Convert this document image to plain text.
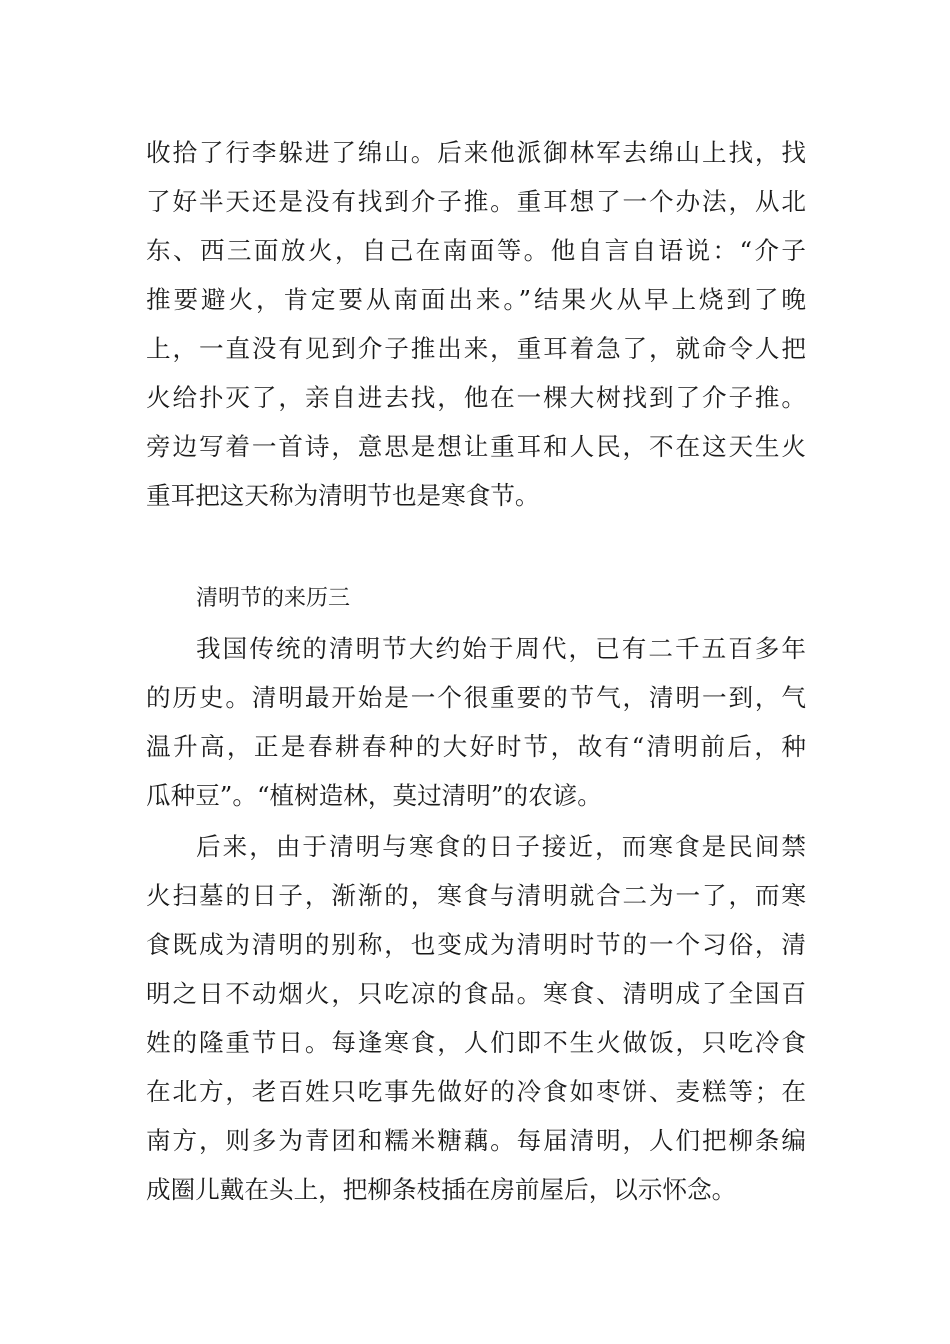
收拾了行李躲进了绵山。后来他派御林军去绵山上找，找
了好半天还是没有找到介子推。重耳想了一个办法，从北
东、西三面放火，自己在南面等。他自言自语说：“介子
推要避火，肯定要从南面出来。”结果火从早上烧到了晚
上，一直没有见到介子推出来，重耳着急了，就命令人把
火给扑灭了，亲自进去找，他在一棵大树找到了介子推。
旁边写着一首诗，意思是想让重耳和人民，不在这天生火
重耳把这天称为清明节也是寒食节。
清明节的来历三
我国传统的清明节大约始于周代，已有二千五百多年
的历史。清明最开始是一个很重要的节气，清明一到，气
温升高，正是春耕春种的大好时节，故有“清明前后，种
瓜种豆”。“植树造林，莫过清明”的农谚。
后来，由于清明与寒食的日子接近，而寒食是民间禁
火扫墓的日子，渐渐的，寒食与清明就合二为一了，而寒
食既成为清明的别称，也变成为清明时节的一个习俗，清
明之日不动烟火，只吃凉的食品。寒食、清明成了全国百
姓的隆重节日。每逢寒食，人们即不生火做饭，只吃冷食
在北方，老百姓只吃事先做好的冷食如枣饼、麦糕等；在
南方，则多为青团和糯米糖藕。每届清明，人们把柳条编
成圈儿戴在头上，把柳条枝插在房前屋后，以示怀念。
